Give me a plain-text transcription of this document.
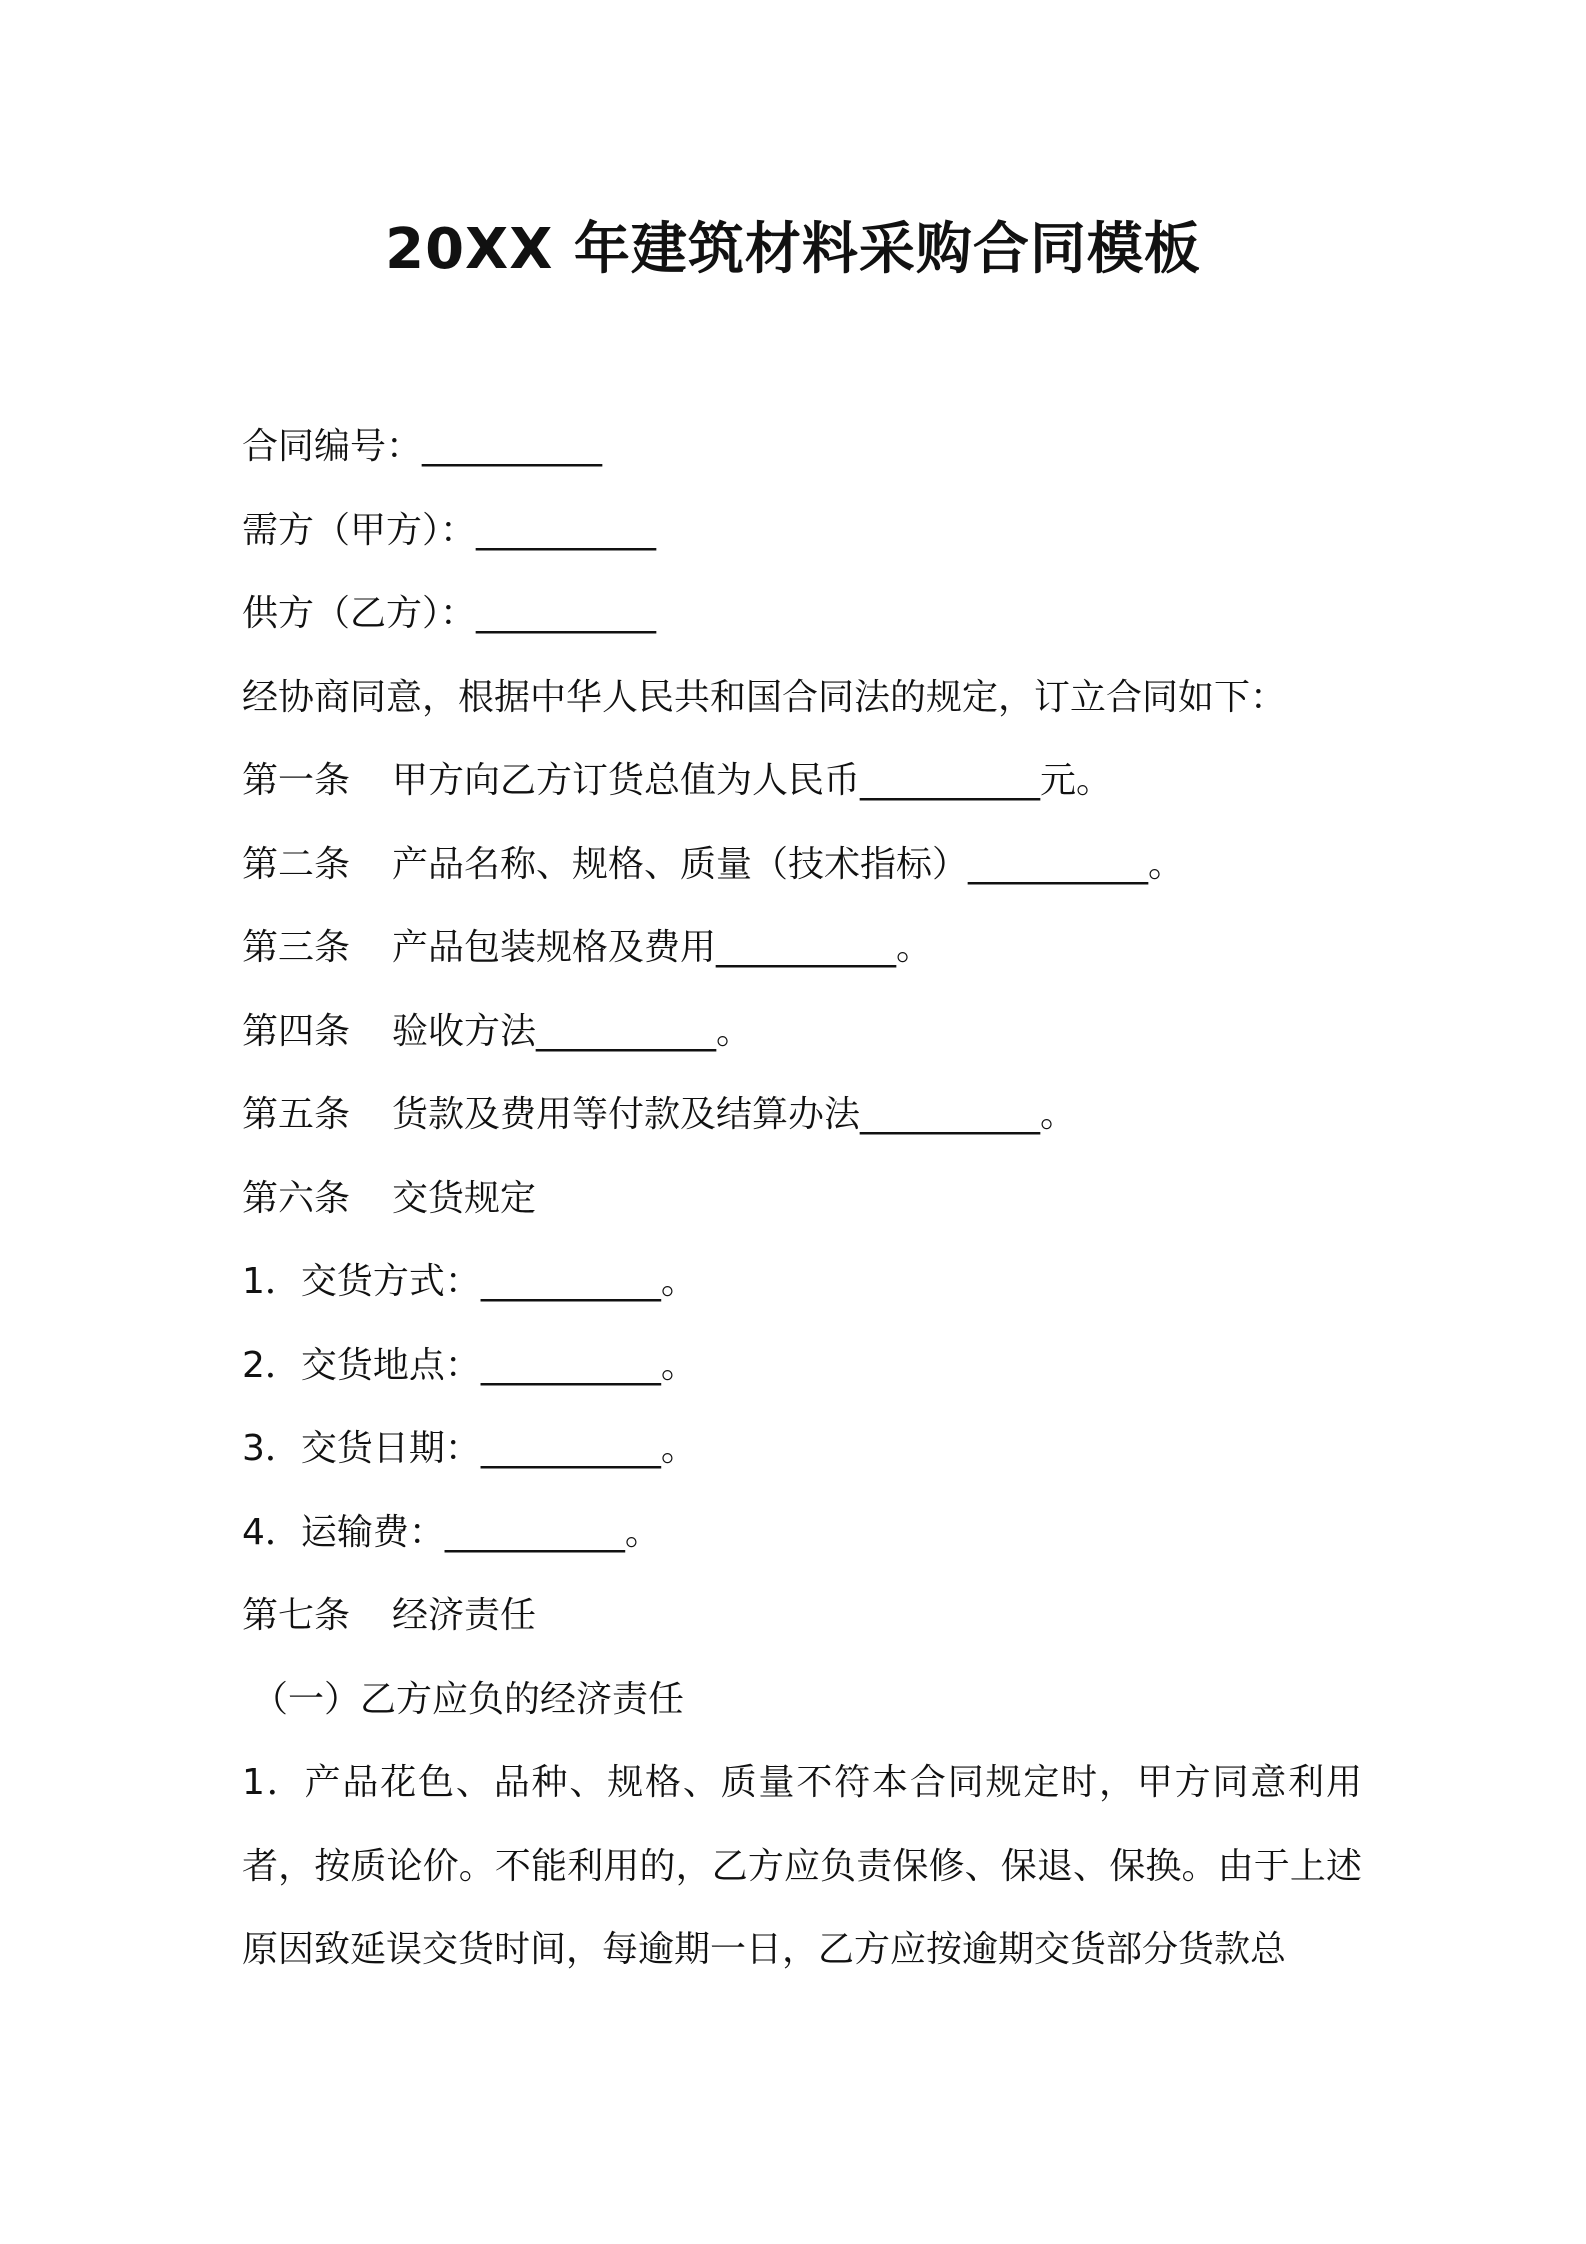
20XX 年建筑材料采购合同模板
合同编号：__________
需方（甲方）：__________
供方（乙方）：__________
经协商同意，根据中华人民共和国合同法的规定，订立合同如下：
第一条 甲方向乙方订货总值为人民币__________元。
第二条 产品名称、规格、质量（技术指标）__________。
第三条 产品包装规格及费用__________。
第四条 验收方法__________。
第五条 货款及费用等付款及结算办法__________。
第六条 交货规定
1．交货方式：__________。
2．交货地点：__________。
3．交货日期：__________。
4．运输费：__________。
第七条 经济责任
（一）乙方应负的经济责任
1．产品花色、品种、规格、质量不符本合同规定时，甲方同意利用者，按质论价。不能利用的，乙方应负责保修、保退、保换。由于上述原因致延误交货时间，每逾期一日，乙方应按逾期交货部分货款总
